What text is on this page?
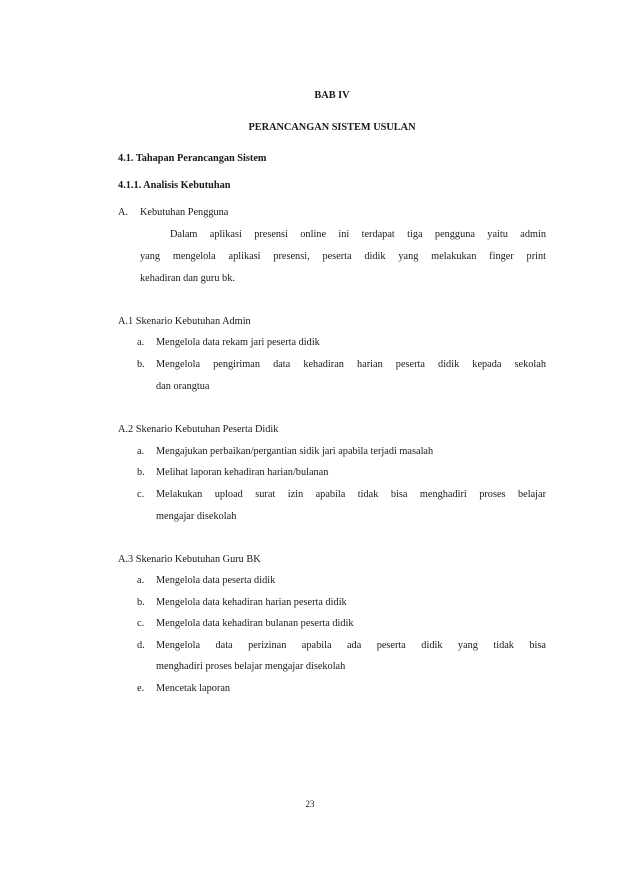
BAB IV
PERANCANGAN SISTEM USULAN
4.1. Tahapan Perancangan Sistem
4.1.1. Analisis Kebutuhan
A. Kebutuhan Pengguna
Dalam aplikasi presensi online ini terdapat tiga pengguna yaitu admin
yang mengelola aplikasi presensi, peserta didik yang melakukan finger print
kehadiran dan guru bk.
A.1 Skenario Kebutuhan Admin
a. Mengelola data rekam jari peserta didik
b. Mengelola pengiriman data kehadiran harian peserta didik kepada sekolah
dan orangtua
A.2 Skenario Kebutuhan Peserta Didik
a. Mengajukan perbaikan/pergantian sidik jari apabila terjadi masalah
b. Melihat laporan kehadiran harian/bulanan
c. Melakukan upload surat izin apabila tidak bisa menghadiri proses belajar
mengajar disekolah
A.3 Skenario Kebutuhan Guru BK
a. Mengelola data peserta didik
b. Mengelola data kehadiran harian peserta didik
c. Mengelola data kehadiran bulanan peserta didik
d. Mengelola data perizinan apabila ada peserta didik yang tidak bisa
menghadiri proses belajar mengajar disekolah
e. Mencetak laporan
23
